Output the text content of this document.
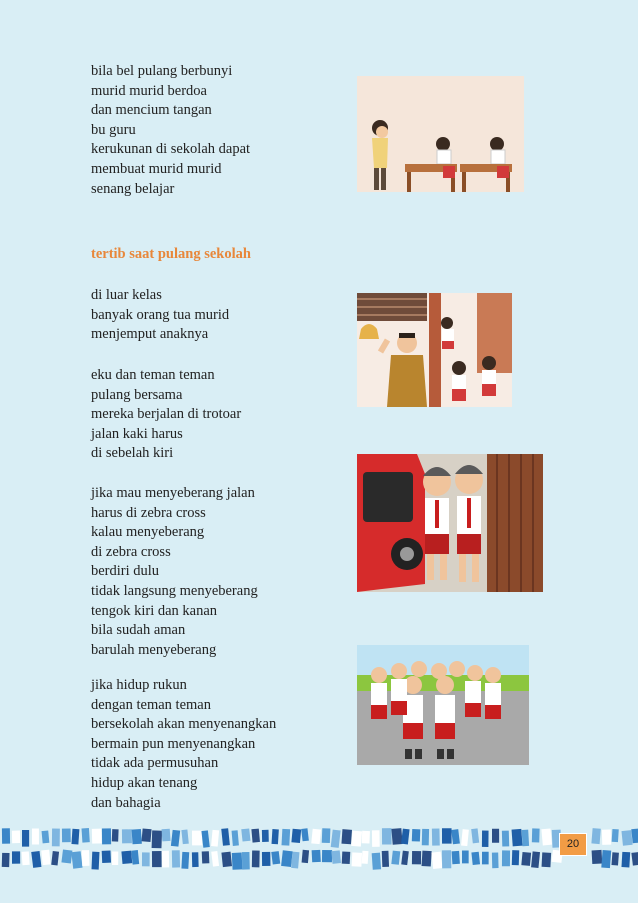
bila bel pulang berbunyi
murid murid berdoa
dan mencium tangan
bu guru
kerukunan di sekolah dapat
membuat murid murid
senang belajar
tertib saat pulang sekolah
di luar kelas
banyak orang tua murid
menjemput anaknya
eku dan teman teman
pulang bersama
mereka berjalan di trotoar
jalan kaki harus
di sebelah kiri
jika mau menyeberang jalan
harus di zebra cross
kalau menyeberang
di zebra cross
berdiri dulu
tidak langsung menyeberang
tengok kiri dan kanan
bila sudah aman
barulah menyeberang
jika hidup rukun
dengan teman teman
bersekolah akan menyenangkan
bermain pun menyenangkan
tidak ada permusuhan
hidup akan tenang
dan bahagia
20
